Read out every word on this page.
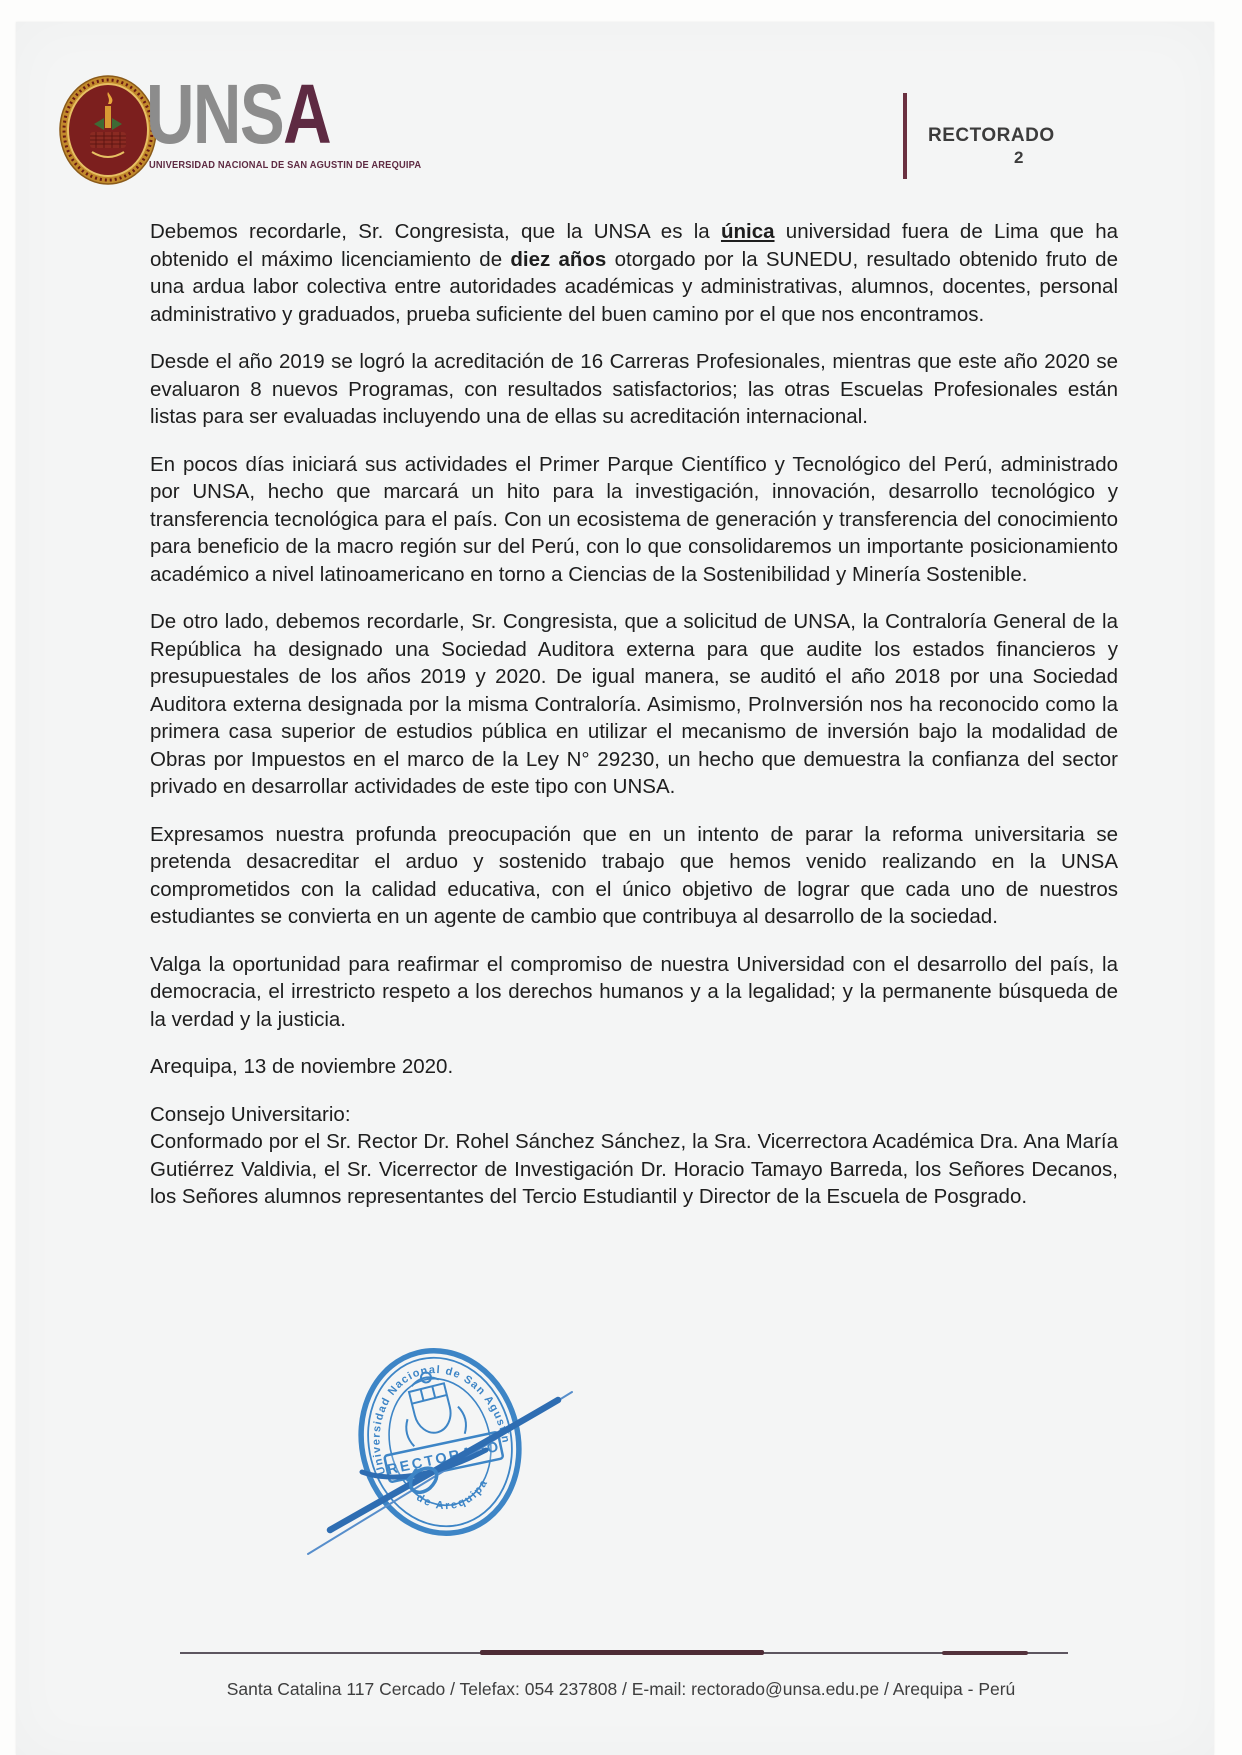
UNSA
UNIVERSIDAD NACIONAL DE SAN AGUSTIN DE AREQUIPA
RECTORADO
2

Debemos recordarle, Sr. Congresista, que la UNSA es la única universidad fuera de Lima que ha obtenido el máximo licenciamiento de diez años otorgado por la SUNEDU, resultado obtenido fruto de una ardua labor colectiva entre autoridades académicas y administrativas, alumnos, docentes, personal administrativo y graduados, prueba suficiente del buen camino por el que nos encontramos.

Desde el año 2019 se logró la acreditación de 16 Carreras Profesionales, mientras que este año 2020 se evaluaron 8 nuevos Programas, con resultados satisfactorios; las otras Escuelas Profesionales están listas para ser evaluadas incluyendo una de ellas su acreditación internacional.

En pocos días iniciará sus actividades el Primer Parque Científico y Tecnológico del Perú, administrado por UNSA, hecho que marcará un hito para la investigación, innovación, desarrollo tecnológico y transferencia tecnológica para el país. Con un ecosistema de generación y transferencia del conocimiento para beneficio de la macro región sur del Perú, con lo que consolidaremos un importante posicionamiento académico a nivel latinoamericano en torno a Ciencias de la Sostenibilidad y Minería Sostenible.

De otro lado, debemos recordarle, Sr. Congresista, que a solicitud de UNSA, la Contraloría General de la República ha designado una Sociedad Auditora externa para que audite los estados financieros y presupuestales de los años 2019 y 2020. De igual manera, se auditó el año 2018 por una Sociedad Auditora externa designada por la misma Contraloría. Asimismo, ProInversión nos ha reconocido como la primera casa superior de estudios pública en utilizar el mecanismo de inversión bajo la modalidad de Obras por Impuestos en el marco de la Ley N° 29230, un hecho que demuestra la confianza del sector privado en desarrollar actividades de este tipo con UNSA.

Expresamos nuestra profunda preocupación que en un intento de parar la reforma universitaria se pretenda desacreditar el arduo y sostenido trabajo que hemos venido realizando en la UNSA comprometidos con la calidad educativa, con el único objetivo de lograr que cada uno de nuestros estudiantes se convierta en un agente de cambio que contribuya al desarrollo de la sociedad.

Valga la oportunidad para reafirmar el compromiso de nuestra Universidad con el desarrollo del país, la democracia, el irrestricto respeto a los derechos humanos y a la legalidad; y la permanente búsqueda de la verdad y la justicia.

Arequipa, 13 de noviembre 2020.

Consejo Universitario:
Conformado por el Sr. Rector Dr. Rohel Sánchez Sánchez, la Sra. Vicerrectora Académica Dra. Ana María Gutiérrez Valdivia, el Sr. Vicerrector de Investigación Dr. Horacio Tamayo Barreda, los Señores Decanos, los Señores alumnos representantes del Tercio Estudiantil y Director de la Escuela de Posgrado.

Universidad Nacional de San Agustín
de Arequipa
RECTORADO
Santa Catalina 117 Cercado / Telefax: 054 237808 / E-mail: rectorado@unsa.edu.pe / Arequipa - Perú
